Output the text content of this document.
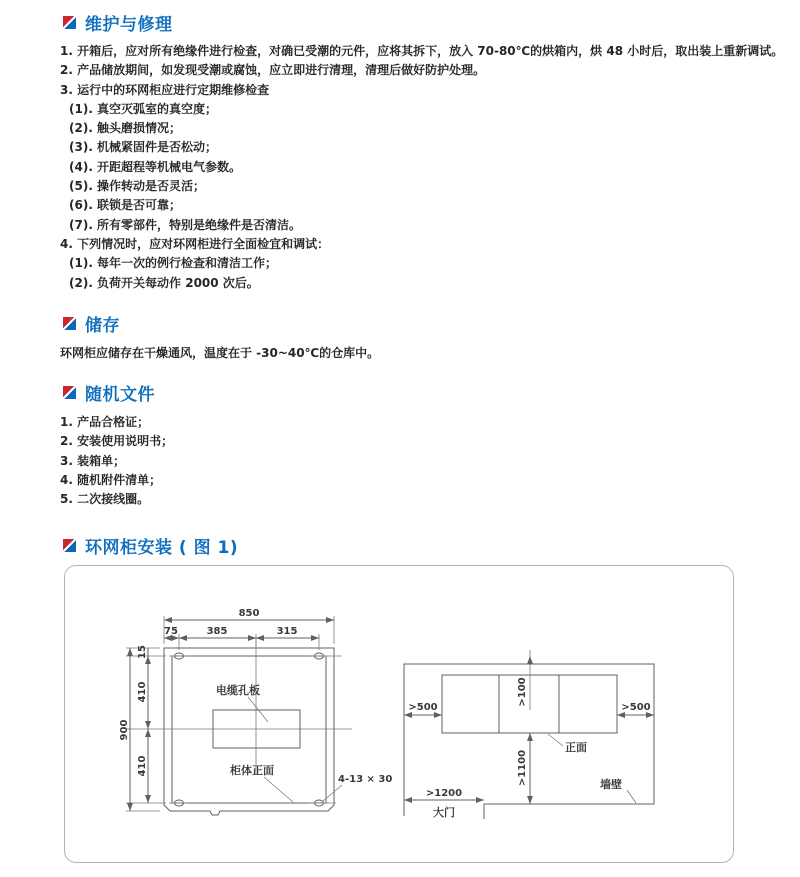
维护与修理
1. 开箱后，应对所有绝缘件进行检查，对确已受潮的元件，应将其拆下，放入 70-80℃的烘箱内，烘 48 小时后，取出装上重新调试。
2. 产品储放期间，如发现受潮或腐蚀，应立即进行清理，清理后做好防护处理。
3. 运行中的环网柜应进行定期维修检查
(1). 真空灭弧室的真空度；
(2). 触头磨损情况；
(3). 机械紧固件是否松动；
(4). 开距超程等机械电气参数。
(5). 操作转动是否灵活；
(6). 联锁是否可靠；
(7). 所有零部件，特别是绝缘件是否清洁。
4. 下列情况时，应对环网柜进行全面检宜和调试：
(1). 每年一次的例行检查和清洁工作；
(2). 负荷开关每动作 2000 次后。
储存
环网柜应储存在干燥通风，温度在于 -30~40℃的仓库中。
随机文件
1. 产品合格证；
2. 安装使用说明书；
3. 装箱单；
4. 随机附件清单；
5. 二次接线圈。
环网柜安装 ( 图 1)
850
75	385	315
15
410
900
410
电缆孔板
柜体正面
4-13 × 30
>500	>500
>100
>1100
>1200
正面
大门
墙壁
